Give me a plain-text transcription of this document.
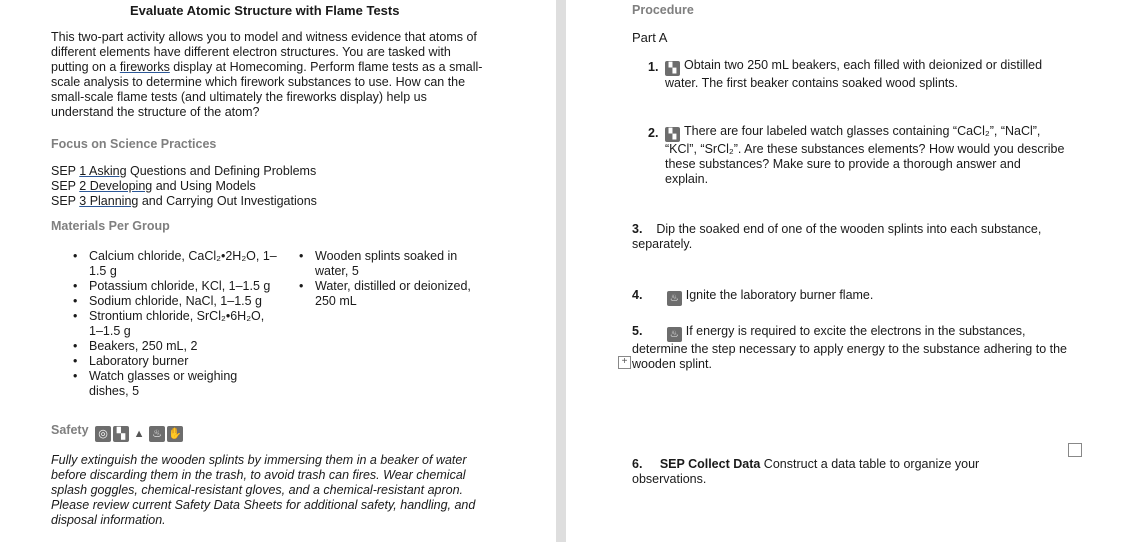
Evaluate Atomic Structure with Flame Tests
This two-part activity allows you to model and witness evidence that atoms of different elements have different electron structures. You are tasked with putting on a fireworks display at Homecoming. Perform flame tests as a small-scale analysis to determine which firework substances to use. How can the small-scale flame tests (and ultimately the fireworks display) help us understand the structure of the atom?
Focus on Science Practices
SEP 1 Asking Questions and Defining Problems
SEP 2 Developing and Using Models
SEP 3 Planning and Carrying Out Investigations
Materials Per Group
• Calcium chloride, CaCl₂•2H₂O, 1–1.5 g
• Potassium chloride, KCl, 1–1.5 g
• Sodium chloride, NaCl, 1–1.5 g
• Strontium chloride, SrCl₂•6H₂O, 1–1.5 g
• Beakers, 250 mL, 2
• Laboratory burner
• Watch glasses or weighing dishes, 5
• Wooden splints soaked in water, 5
• Water, distilled or deionized, 250 mL
Safety ◎ ▚ ▲ ♨ ✋
Fully extinguish the wooden splints by immersing them in a beaker of water before discarding them in the trash, to avoid trash can fires. Wear chemical splash goggles, chemical-resistant gloves, and a chemical-resistant apron. Please review current Safety Data Sheets for additional safety, handling, and disposal information.
Procedure
Part A
1.	▚ Obtain two 250 mL beakers, each filled with deionized or distilled water. The first beaker contains soaked wood splints.
2.	▚ There are four labeled watch glasses containing “CaCl₂”, “NaCl”, “KCl”, “SrCl₂”. Are these substances elements? How would you describe these substances? Make sure to provide a thorough answer and explain.
3. Dip the soaked end of one of the wooden splints into each substance, separately.
4.	♨ Ignite the laboratory burner flame.
5.	♨ If energy is required to excite the electrons in the substances, determine the step necessary to apply energy to the substance adhering to the wooden splint.
+
6. SEP Collect Data Construct a data table to organize your observations.
